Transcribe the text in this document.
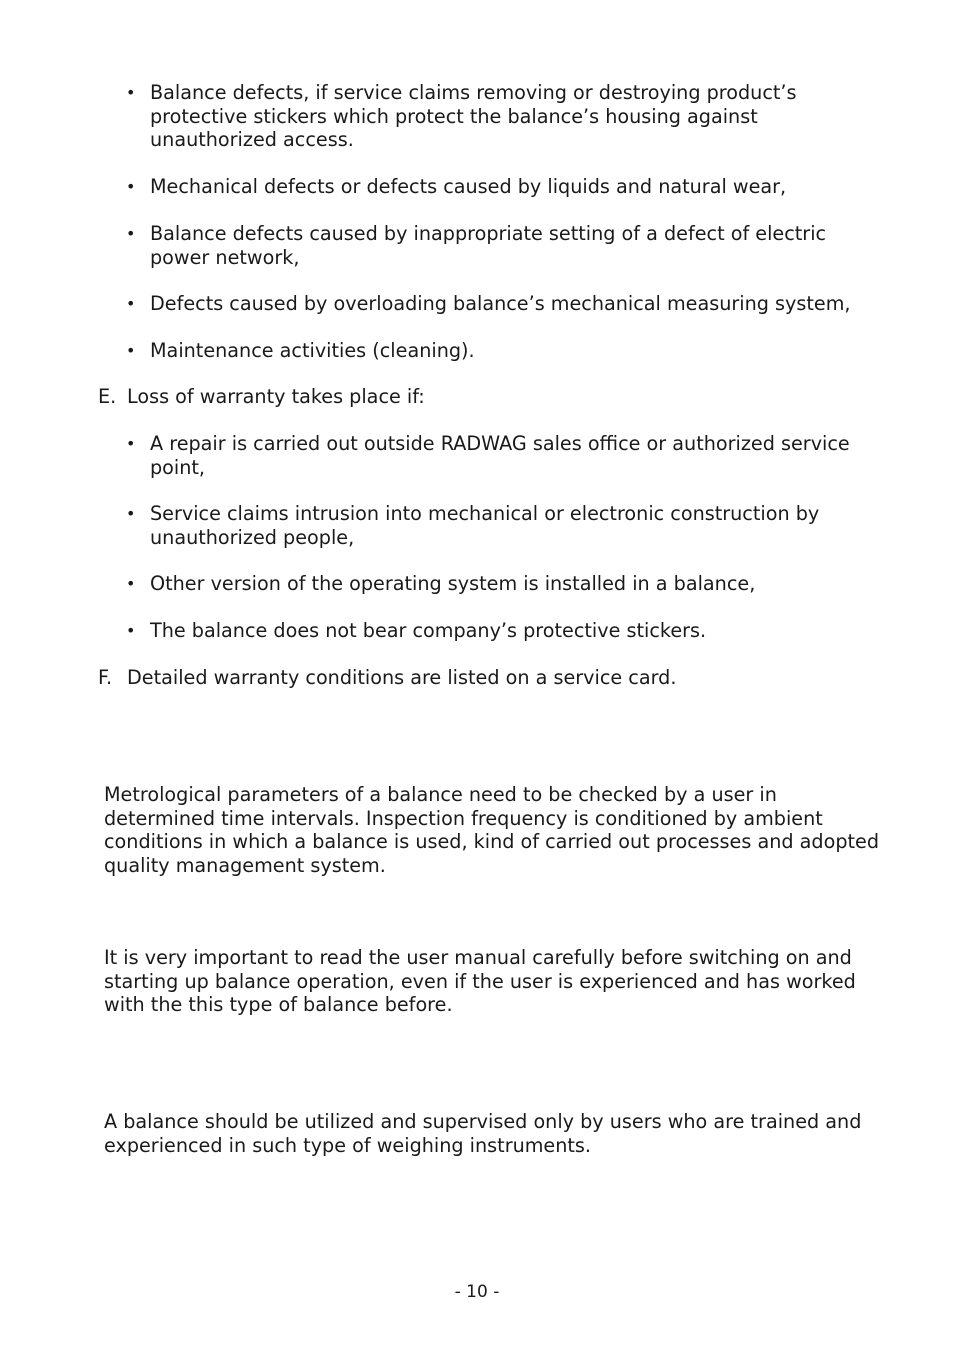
• Balance defects, if service claims removing or destroying product’s protective stickers which protect the balance’s housing against unauthorized access.
• Mechanical defects or defects caused by liquids and natural wear,
• Balance defects caused by inappropriate setting of a defect of electric power network,
• Defects caused by overloading balance’s mechanical measuring system,
• Maintenance activities (cleaning).
E. Loss of warranty takes place if:
• A repair is carried out outside RADWAG sales office or authorized service point,
• Service claims intrusion into mechanical or electronic construction by unauthorized people,
• Other version of the operating system is installed in a balance,
• The balance does not bear company’s protective stickers.
F. Detailed warranty conditions are listed on a service card.

Metrological parameters of a balance need to be checked by a user in determined time intervals. Inspection frequency is conditioned by ambient conditions in which a balance is used, kind of carried out processes and adopted quality management system.

It is very important to read the user manual carefully before switching on and starting up balance operation, even if the user is experienced and has worked with the this type of balance before.

A balance should be utilized and supervised only by users who are trained and experienced in such type of weighing instruments.

- 10 -
